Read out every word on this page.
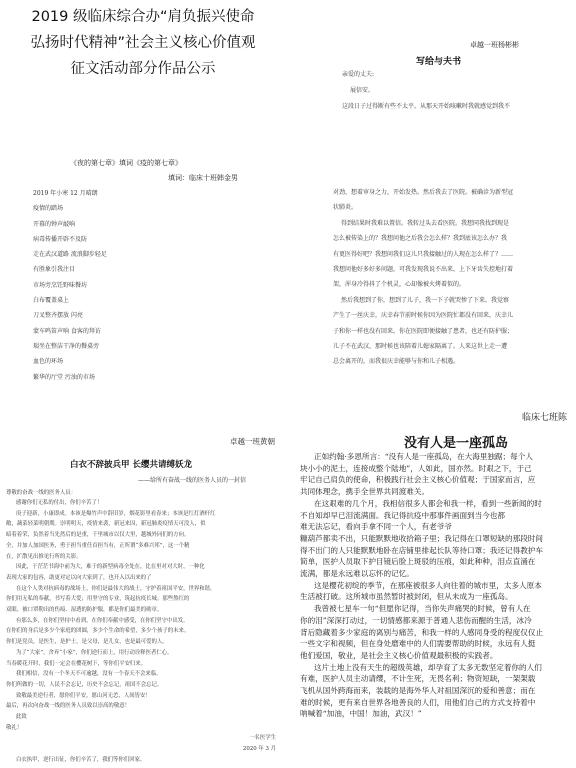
2019 级临床综合办“肩负振兴使命
弘扬时代精神”社会主义核心价值观
征文活动部分作品公示
卓越一班杨彬彬
写给与夫书
亲爱的丈夫:
展信安。
这段日子过得断有些不太平。从那天开始咳嗽时我就感觉到我不
对劲，想着审身之力，开始发热。然后我去了医院。被确诊为新型冠
状肺炎。
得到结果时我难以置信。我转过头去看医院。我想同我找到现是
怎么被传染上的？我想问他之后我会怎么样？我到底该怎么办？我
有更医得好吧？我想问我们这儿只我接触过的人现在怎么样了？……
我想问他好多好多问题，可我发现我说不出来，上下牙齿失控地打着
架，浑身冷得抖了个机灵，心却像被火烤着似的。
然后我想到了你，想到了儿子，我一下子就哭惨了下来。我觉察
产生了一丝庆幸，庆幸春节前时候你因为医院忙都没有回来，庆幸儿
子和你一样也没有回来。你在医院即便接触了患者，也还有防护服；
儿子不在武汉，那时候也该陪着儿媳家隔离了。人来这世上走一遭
总会离开的，而我很庆幸能够与你和儿子相遇。
《夜的第七章》填词《疫的第七章》
填词：临床十班韩金男
2019 年小寒 12 月晴朗
疫情的踏场
开幕的钟声敲响
病毒传播开辟不及防
走在武汉道路 流浪脚步轻足
有胜象引我注目
市场旁烹饪野味餐坊
白布覆盖桌上
刀叉整齐摆放 闪亮
蒙车鸣笛声响 食客的拜访
瑞坐在整洁干净的餐桌旁
血色的环场
繁华的厅堂 污浊的市场
卓越一班黄朝
白衣不辞披兵甲 长缨共请缚妖龙
——给所有奋战一线的医务人员的一封信
尊敬的奋战一线的医务人员：
感谢你们无私的付出，你们辛苦了！
庚子迎新，小康即成。本该是爆竹声中辞旧岁，烟花影里看春来；本该是红灯酒杆红
敞，蔬菜轻菜明朝期。崇明明天，疫情来袭，新冠来囚，新冠肺炎疫情天可没人，似
暗着着荣，负然着当先然后的是重，千里城市以仅大里，越城外同们的方向。
全，并加人加国医务，勇于担当重任首担当有，正所谓“多难兴邦”，这一个精
在，扩散见出推见行所的关影。
因此，于茫茫书海中前为大，难于的新型病毒全处在，比在里对对大时，一种化
表现大家的包容，助更对定以向大家到了，也开入以出来的了
在这个人类对抗病毒的战场上，你们是最伟大的战士，守护着祖国平安，世界和谐。
你们用无私的奉献，书写着大爱；用坚守的专业，筑起抗疫长城。那些熬红的
双眼、被口罩勒出的伤痕、湿透的防护服，都是你们最美的勋章。
有那么多，在你们坚持中看到，在你们奉献中感受，在你们坚守中出发。
在你们的身后是多少个家庭的团圆，多少个生命的希望，多少个孩子的未来。
你们是党员，是医生，是护士，是父母，是儿女，也是最可爱的人。
为了“大家”，舍弃“小家”，你们逆行而上，用行动诠释医者仁心。
当春暖花开时，我们一定会在樱花树下，等你们平安归来。
我们相信，没有一个冬天不可逾越，没有一个春天不会来临。
你们所做的一切，人民不会忘记，历史不会忘记，祖国不会忘记。
致敬最美逆行者，愿你们平安，愿山河无恙，人间皆安！
最后，再次向奋战一线的医务人员致以崇高的敬意！
此致
敬礼！
一名医学生
2020 年 3 月
白衣执甲，逆行出征，你们辛苦了，我们等你们回家。
临床七班陈
没有人是一座孤岛
正如约翰·多恩所言：“没有人是一座孤岛，在大海里独踞；每个人
块小小的泥土，连接成整个陆地”，人如此，国亦然。时艰之下，于己
牢记自己肩负的使命，积极践行社会主义核心价值观；于国家而言，应
共同体理念，携手全世界共同渡难关。
在这艰难的几个月，我相信很多人都会和我一样，看到一些新闻的时
不自知却早已泪流满面。我记得抗疫中那事件画面到当今也都
难无法忘记，看向手拿不同一个人，有老爷爷
糠葫芦都卖不出，只能默默地收拾箱子里；我记得在口罩短缺的那段时间
得不出门的人只能默默地卧在店铺里排起长队等待口罩；我还记得教护车
简单，医护人员取下护目镜后脸上斑驳的压痕，如此种种，泪点直涌在
流满，都是永远难以忘怀的记忆。
这是樱花初绽的季节，在那座被很多人向往着的城市里，太多人原本
生活被打破。这所城市虽然暂时被封闭，但从未成为一座孤岛。
我曾被七星车一句“但愿你记得，当你失声痛哭的时候，曾有人在
你的泪”深深打动过，一切情感都来源于普通人悲伤而醒的生活，冰冷
背后隐藏着多少家庭的离别与痛苦，和我一样的人感同身受的程度仅仅止
一些文字和视频，但在身处磨难中的人们需要帮助的时候，永远有人挺
他们爱国，敬业，是社会主义核心价值观最积极的实践者。
这片土地上没有天生的超级英雄，却孕育了太多无数坚定着你的人们
有难，医护人员主动请缨，不计生死，无畏名利；物资短缺，一架架载
飞机从国外跨海而来，装载的是海外华人对祖国深沉的爱和善意；而在
难的时候，更有来自世界各地善良的人们，用他们自己的方式支持着中
呐喊着“加油，中国！加油，武汉！”
